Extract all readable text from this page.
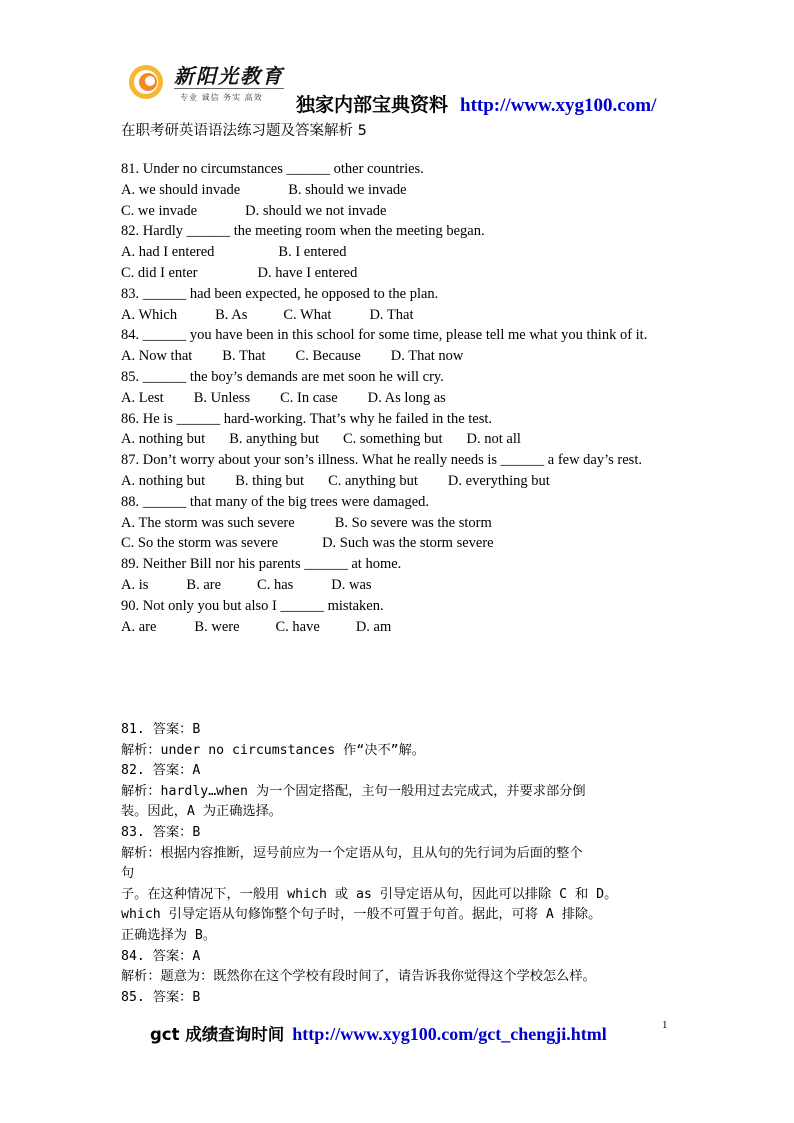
新阳光教育
专业 诚信 务实 高效 独家内部宝典资料 http://www.xyg100.com/
在职考研英语语法练习题及答案解析 5
81. Under no circumstances ______ other countries.
A. we should invade	B. should we invade
C. we invade	D. should we not invade
82. Hardly ______ the meeting room when the meeting began.
A. had I entered	B. I entered
C. did I enter	D. have I entered
83. ______ had been expected, he opposed to the plan.
A. Which	B. As C. What	D. That
84. ______ you have been in this school for some time, please tell me what you think of it.
A. Now that B. That C. Because D. That now
85. ______ the boy’s demands are met soon he will cry.
A. Lest B. Unless C. In case D. As long as
86. He is ______ hard-working. That’s why he failed in the test.
A. nothing but B. anything but C. something but D. not all
87. Don’t worry about your son’s illness. What he really needs is ______ a few day’s rest.
A. nothing but B. thing but C. anything but D. everything but
88. ______ that many of the big trees were damaged.
A. The storm was such severe	B. So severe was the storm
C. So the storm was severe	D. Such was the storm severe
89. Neither Bill nor his parents ______ at home.
A. is	B. are C. has	D. was
90. Not only you but also I ______ mistaken.
A. are	B. were C. have D. am
81. 答案：B
解析：under no circumstances 作“决不”解。
82. 答案：A
解析：hardly…when 为一个固定搭配，主句一般用过去完成式，并要求部分倒
装。因此，A 为正确选择。
83. 答案：B
解析：根据内容推断，逗号前应为一个定语从句，且从句的先行词为后面的整个
句
子。在这种情况下，一般用 which 或 as 引导定语从句，因此可以排除 C 和 D。
which 引导定语从句修饰整个句子时，一般不可置于句首。据此，可将 A 排除。
正确选择为 B。
84. 答案：A
解析：题意为：既然你在这个学校有段时间了，请告诉我你觉得这个学校怎么样。
85. 答案：B
gct 成绩查询时间 http://www.xyg100.com/gct_chengji.html	1
